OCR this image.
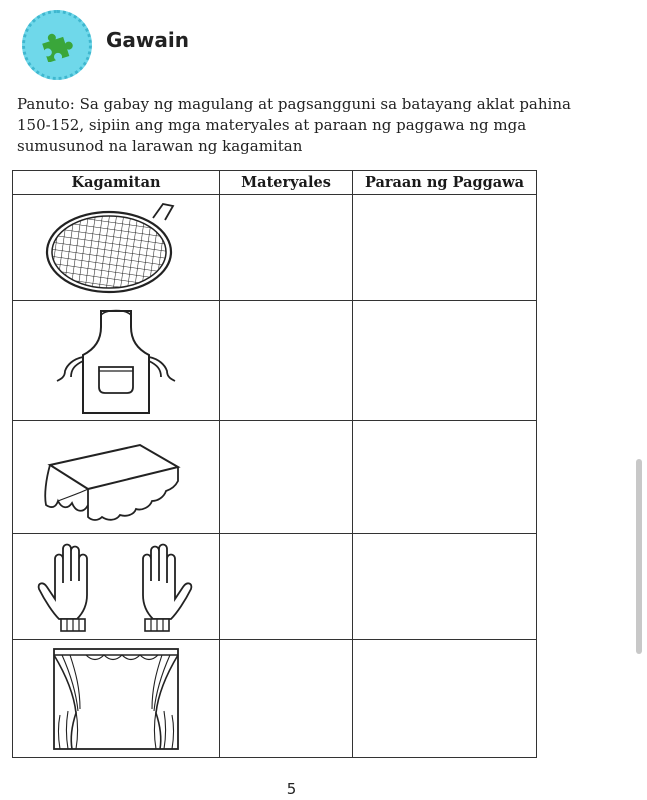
Gawain
Panuto: Sa gabay ng magulang at pagsangguni sa batayang aklat pahina 150-152, sipiin ang mga materyales at paraan ng paggawa ng mga sumusunod na larawan ng kagamitan
Kagamitan	Materyales	Paraan ng Paggawa

5
